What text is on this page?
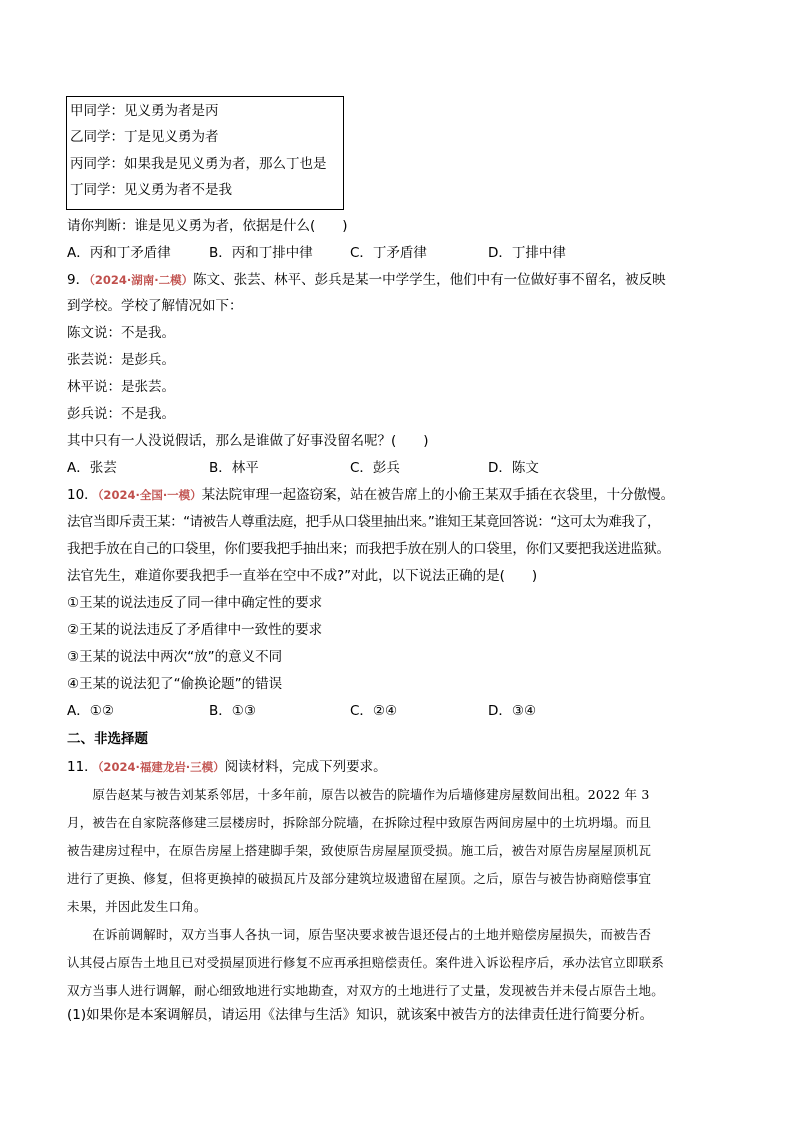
甲同学：见义勇为者是丙
乙同学：丁是见义勇为者
丙同学：如果我是见义勇为者，那么丁也是
丁同学：见义勇为者不是我
请你判断：谁是见义勇为者，依据是什么(　　)
A．丙和丁矛盾律	B．丙和丁排中律	C．丁矛盾律	D．丁排中律
9．（2024·湖南·二模）陈文、张芸、林平、彭兵是某一中学学生，他们中有一位做好事不留名，被反映
到学校。学校了解情况如下：
陈文说：不是我。
张芸说：是彭兵。
林平说：是张芸。
彭兵说：不是我。
其中只有一人没说假话，那么是谁做了好事没留名呢？(　　)
A．张芸	B．林平	C．彭兵	D．陈文
10．（2024·全国·一模）某法院审理一起盗窃案，站在被告席上的小偷王某双手插在衣袋里，十分傲慢。
法官当即斥责王某：“请被告人尊重法庭，把手从口袋里抽出来。”谁知王某竟回答说：“这可太为难我了，
我把手放在自己的口袋里，你们要我把手抽出来；而我把手放在别人的口袋里，你们又要把我送进监狱。
法官先生，难道你要我把手一直举在空中不成?”对此，以下说法正确的是(　　)
①王某的说法违反了同一律中确定性的要求
②王某的说法违反了矛盾律中一致性的要求
③王某的说法中两次“放”的意义不同
④王某的说法犯了“偷换论题”的错误
A．①②	B．①③	C．②④	D．③④
二、非选择题
11．（2024·福建龙岩·三模）阅读材料，完成下列要求。
　　原告赵某与被告刘某系邻居，十多年前，原告以被告的院墙作为后墙修建房屋数间出租。2022 年 3
月，被告在自家院落修建三层楼房时，拆除部分院墙，在拆除过程中致原告两间房屋中的土坑坍塌。而且
被告建房过程中，在原告房屋上搭建脚手架，致使原告房屋屋顶受损。施工后，被告对原告房屋屋顶机瓦
进行了更换、修复，但将更换掉的破损瓦片及部分建筑垃圾遗留在屋顶。之后，原告与被告协商赔偿事宜
未果，并因此发生口角。
　　在诉前调解时，双方当事人各执一词，原告坚决要求被告退还侵占的土地并赔偿房屋损失，而被告否
认其侵占原告土地且已对受损屋顶进行修复不应再承担赔偿责任。案件进入诉讼程序后，承办法官立即联系
双方当事人进行调解，耐心细致地进行实地勘查，对双方的土地进行了丈量，发现被告并未侵占原告土地。
(1)如果你是本案调解员，请运用《法律与生活》知识，就该案中被告方的法律责任进行简要分析。
